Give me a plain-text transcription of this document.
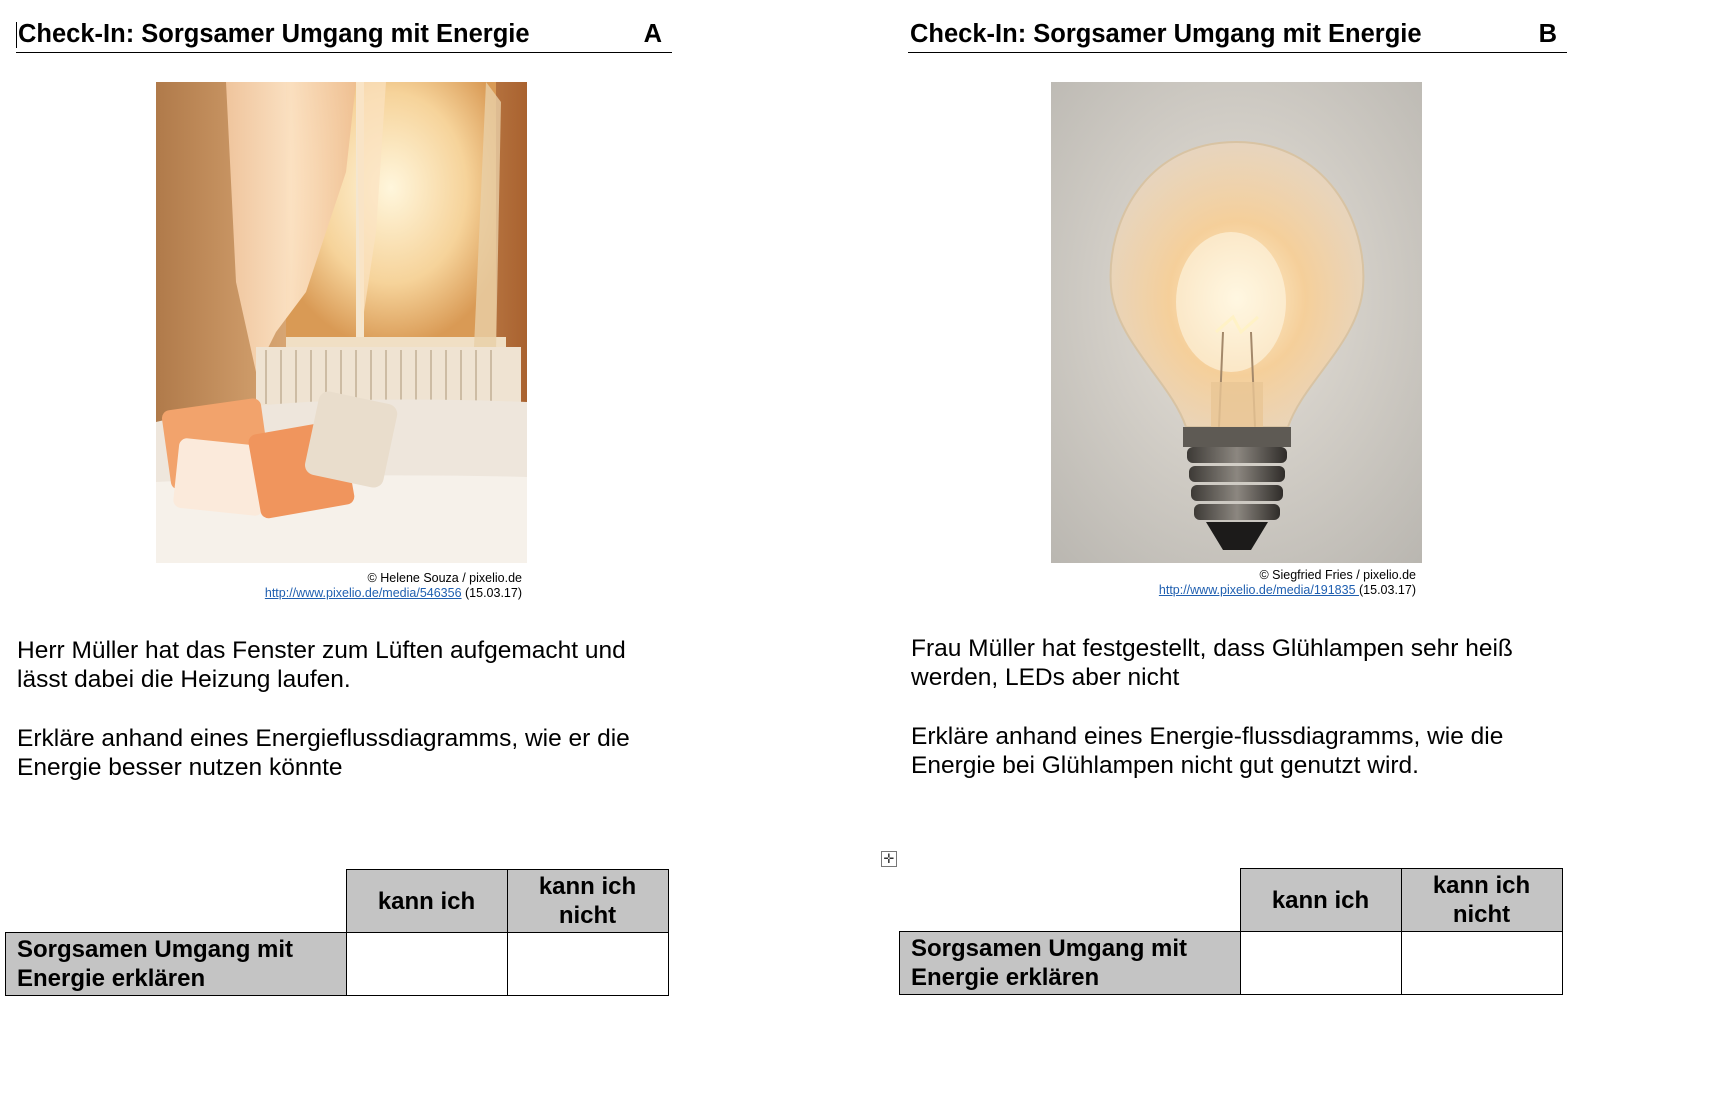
Check-In: Sorgsamer Umgang mit Energie	A
© Helene Souza / pixelio.de
http://www.pixelio.de/media/546356 (15.03.17)

Herr Müller hat das Fenster zum Lüften aufgemacht und lässt dabei die Heizung laufen.

Erkläre anhand eines Energieflussdiagramms, wie er die Energie besser nutzen könnte

	kann ich	kann ich nicht
Sorgsamen Umgang mit Energie erklären		
✛
Check-In: Sorgsamer Umgang mit Energie	B
© Siegfried Fries / pixelio.de
http://www.pixelio.de/media/191835 (15.03.17)

Frau Müller hat festgestellt, dass Glühlampen sehr heiß werden, LEDs aber nicht

Erkläre anhand eines Energie-flussdiagramms, wie die Energie bei Glühlampen nicht gut genutzt wird.

	kann ich	kann ich nicht
Sorgsamen Umgang mit Energie erklären		
